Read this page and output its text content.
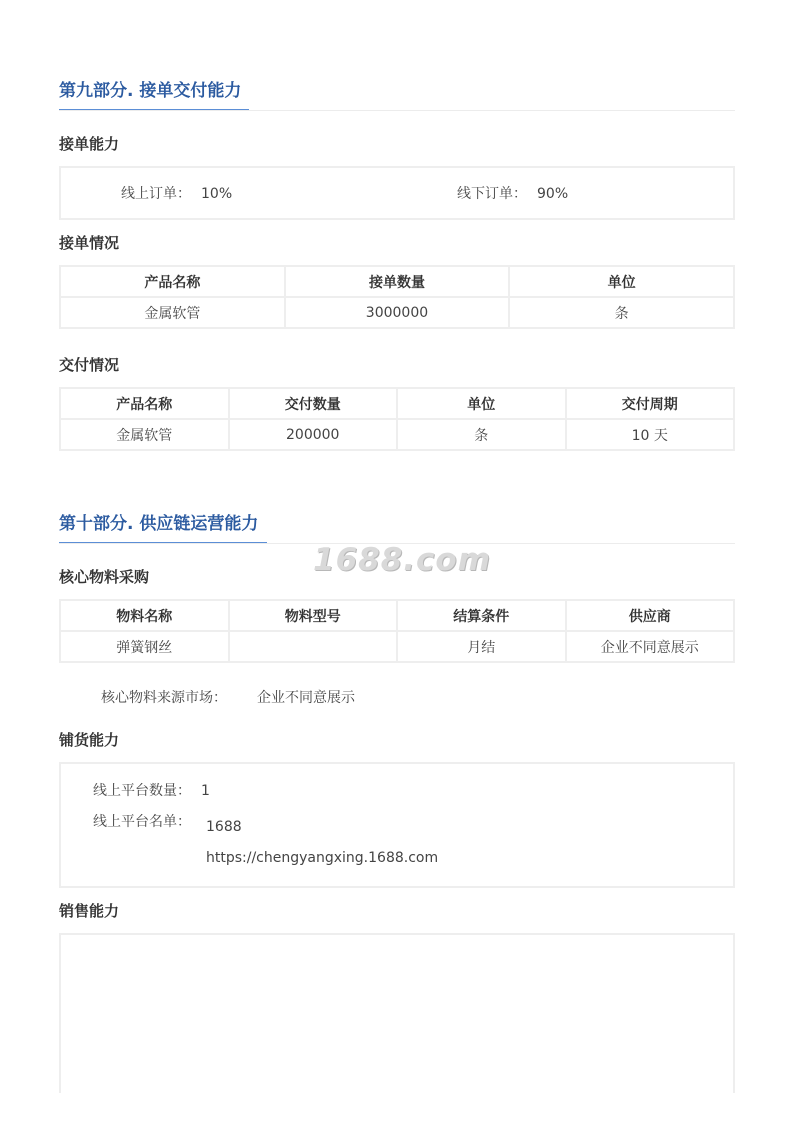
第九部分. 接单交付能力
接单能力
线上订单： 10%	线下订单： 90%
接单情况
产品名称	接单数量	单位
金属软管	3000000	条
交付情况
产品名称	交付数量	单位	交付周期
金属软管	200000	条	10 天
第十部分. 供应链运营能力
1688.com
核心物料采购
物料名称	物料型号	结算条件	供应商
弹簧钢丝		月结	企业不同意展示
核心物料来源市场： 企业不同意展示
铺货能力
线上平台数量： 1
线上平台名单： 1688
https://chengyangxing.1688.com
销售能力
